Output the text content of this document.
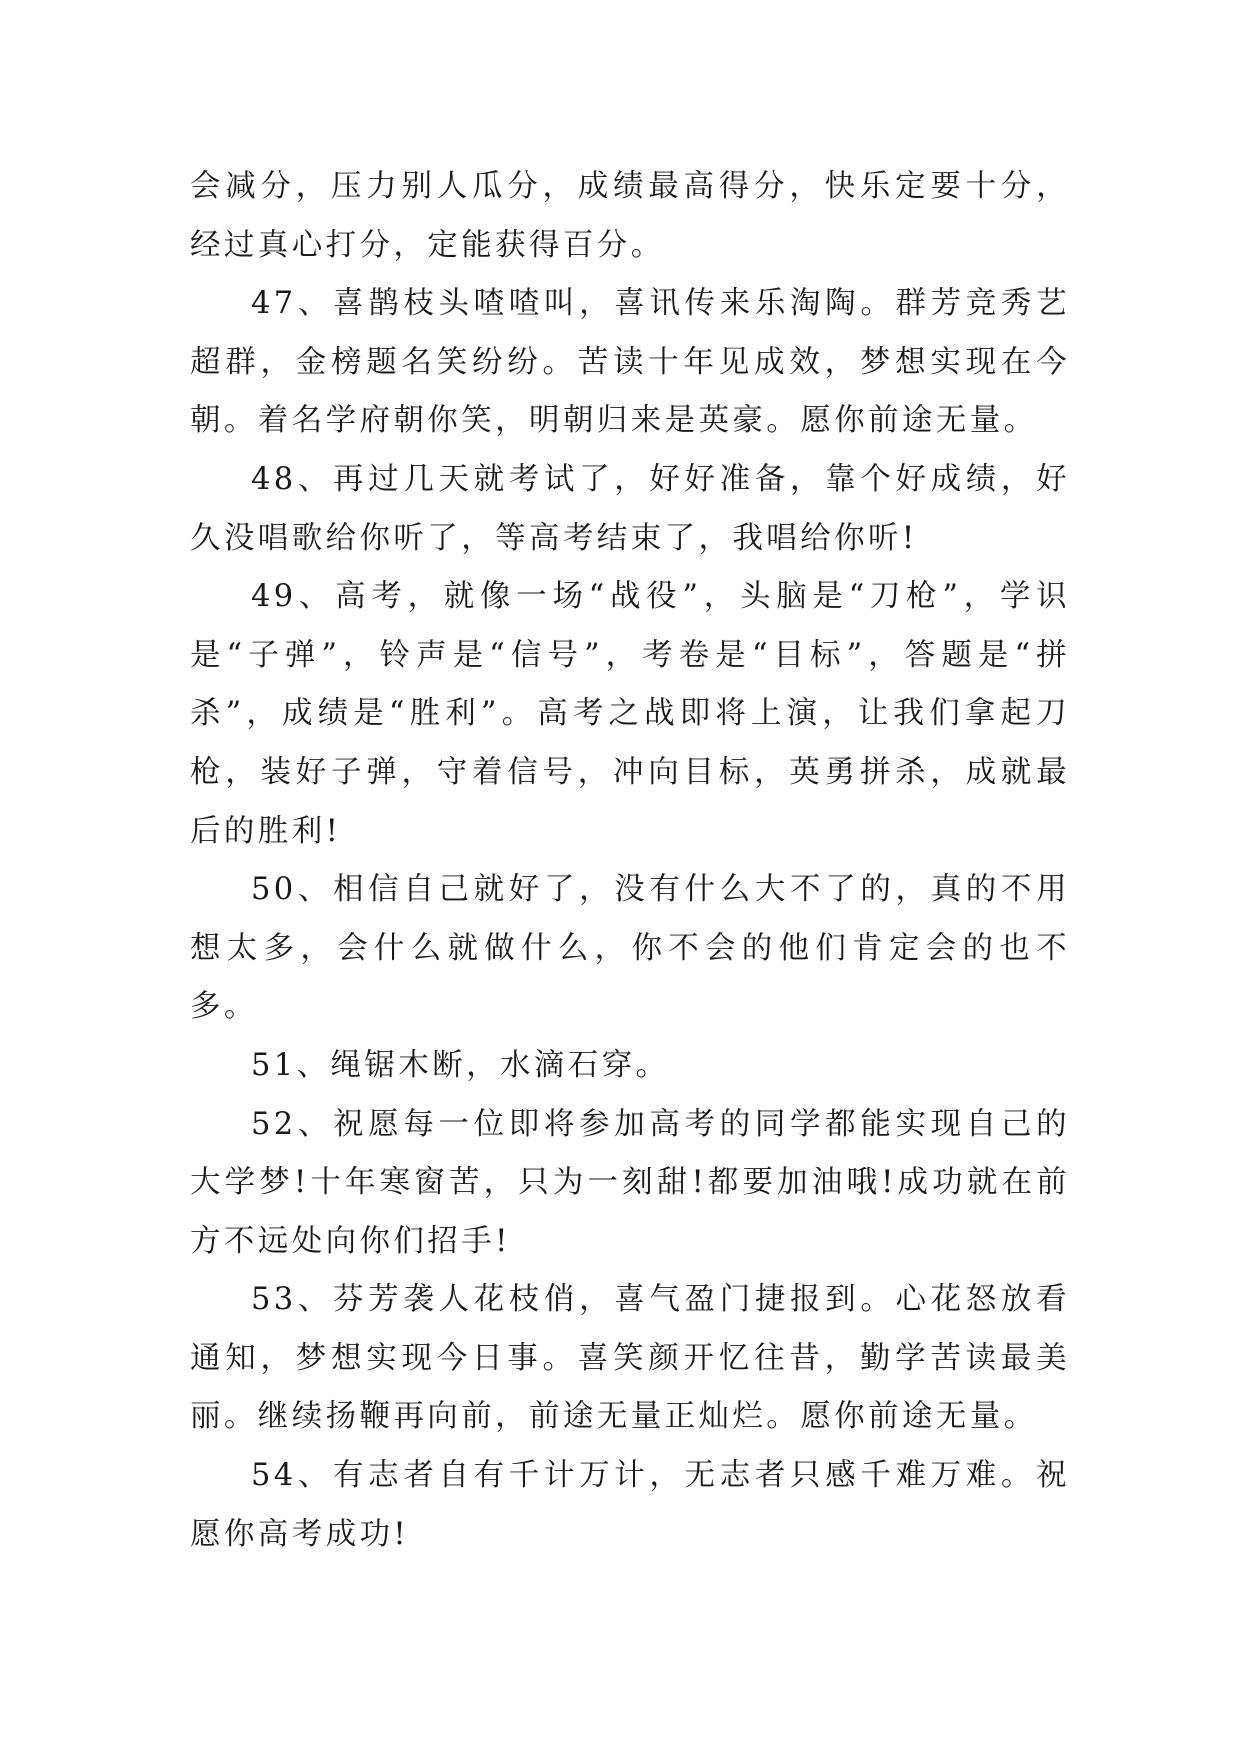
会减分，压力别人瓜分，成绩最高得分，快乐定要十分，经过真心打分，定能获得百分。

47、喜鹊枝头喳喳叫，喜讯传来乐淘陶。群芳竞秀艺超群，金榜题名笑纷纷。苦读十年见成效，梦想实现在今朝。着名学府朝你笑，明朝归来是英豪。愿你前途无量。

48、再过几天就考试了，好好准备，靠个好成绩，好久没唱歌给你听了，等高考结束了，我唱给你听!

49、高考，就像一场“战役”，头脑是“刀枪”，学识是“子弹”，铃声是“信号”，考卷是“目标”，答题是“拼杀”，成绩是“胜利”。高考之战即将上演，让我们拿起刀枪，装好子弹，守着信号，冲向目标，英勇拼杀，成就最后的胜利!

50、相信自己就好了，没有什么大不了的，真的不用想太多，会什么就做什么，你不会的他们肯定会的也不多。

51、绳锯木断，水滴石穿。

52、祝愿每一位即将参加高考的同学都能实现自己的大学梦!十年寒窗苦，只为一刻甜!都要加油哦!成功就在前方不远处向你们招手!

53、芬芳袭人花枝俏，喜气盈门捷报到。心花怒放看通知，梦想实现今日事。喜笑颜开忆往昔，勤学苦读最美丽。继续扬鞭再向前，前途无量正灿烂。愿你前途无量。

54、有志者自有千计万计，无志者只感千难万难。祝愿你高考成功!
